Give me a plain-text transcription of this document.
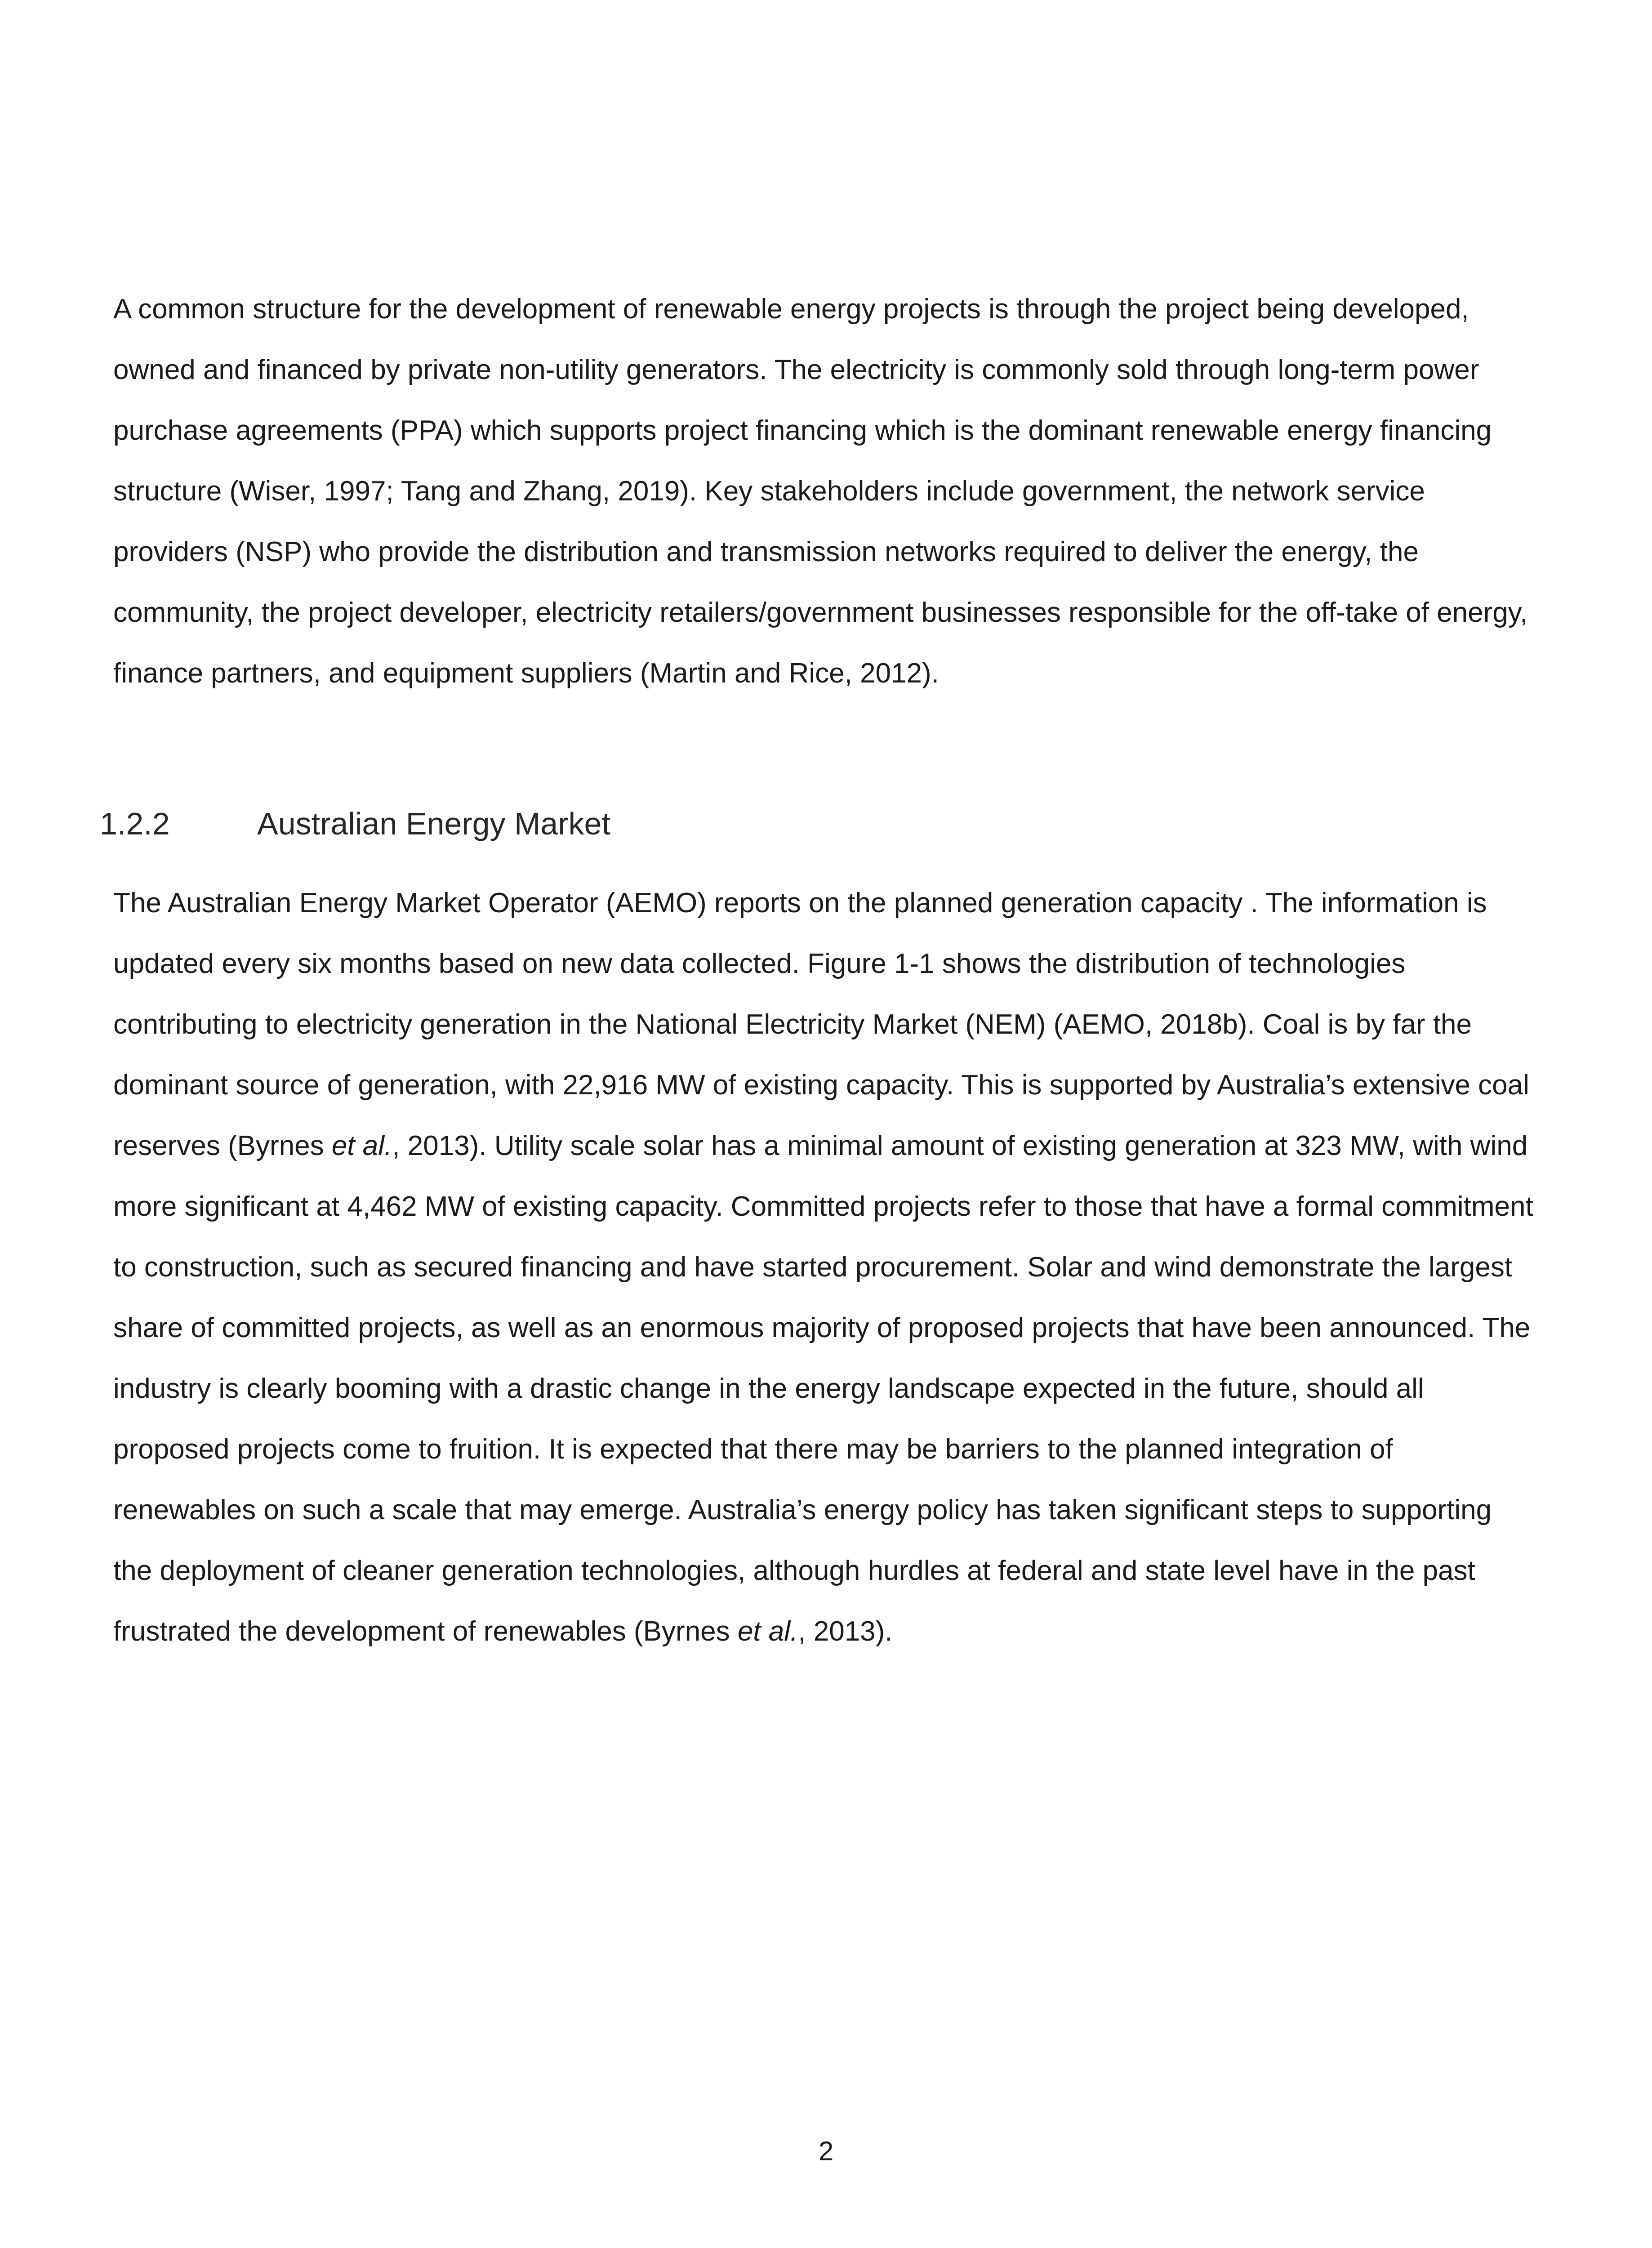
A common structure for the development of renewable energy projects is through the project being developed, owned and financed by private non-utility generators. The electricity is commonly sold through long-term power purchase agreements (PPA) which supports project financing which is the dominant renewable energy financing structure (Wiser, 1997; Tang and Zhang, 2019). Key stakeholders include government, the network service providers (NSP) who provide the distribution and transmission networks required to deliver the energy, the community, the project developer, electricity retailers/government businesses responsible for the off-take of energy, finance partners, and equipment suppliers (Martin and Rice, 2012).

1.2.2	Australian Energy Market

The Australian Energy Market Operator (AEMO) reports on the planned generation capacity . The information is updated every six months based on new data collected. Figure 1-1 shows the distribution of technologies contributing to electricity generation in the National Electricity Market (NEM) (AEMO, 2018b). Coal is by far the dominant source of generation, with 22,916 MW of existing capacity. This is supported by Australia’s extensive coal reserves (Byrnes et al., 2013). Utility scale solar has a minimal amount of existing generation at 323 MW, with wind more significant at 4,462 MW of existing capacity. Committed projects refer to those that have a formal commitment to construction, such as secured financing and have started procurement. Solar and wind demonstrate the largest share of committed projects, as well as an enormous majority of proposed projects that have been announced. The industry is clearly booming with a drastic change in the energy landscape expected in the future, should all proposed projects come to fruition. It is expected that there may be barriers to the planned integration of renewables on such a scale that may emerge. Australia’s energy policy has taken significant steps to supporting the deployment of cleaner generation technologies, although hurdles at federal and state level have in the past frustrated the development of renewables (Byrnes et al., 2013).

2
